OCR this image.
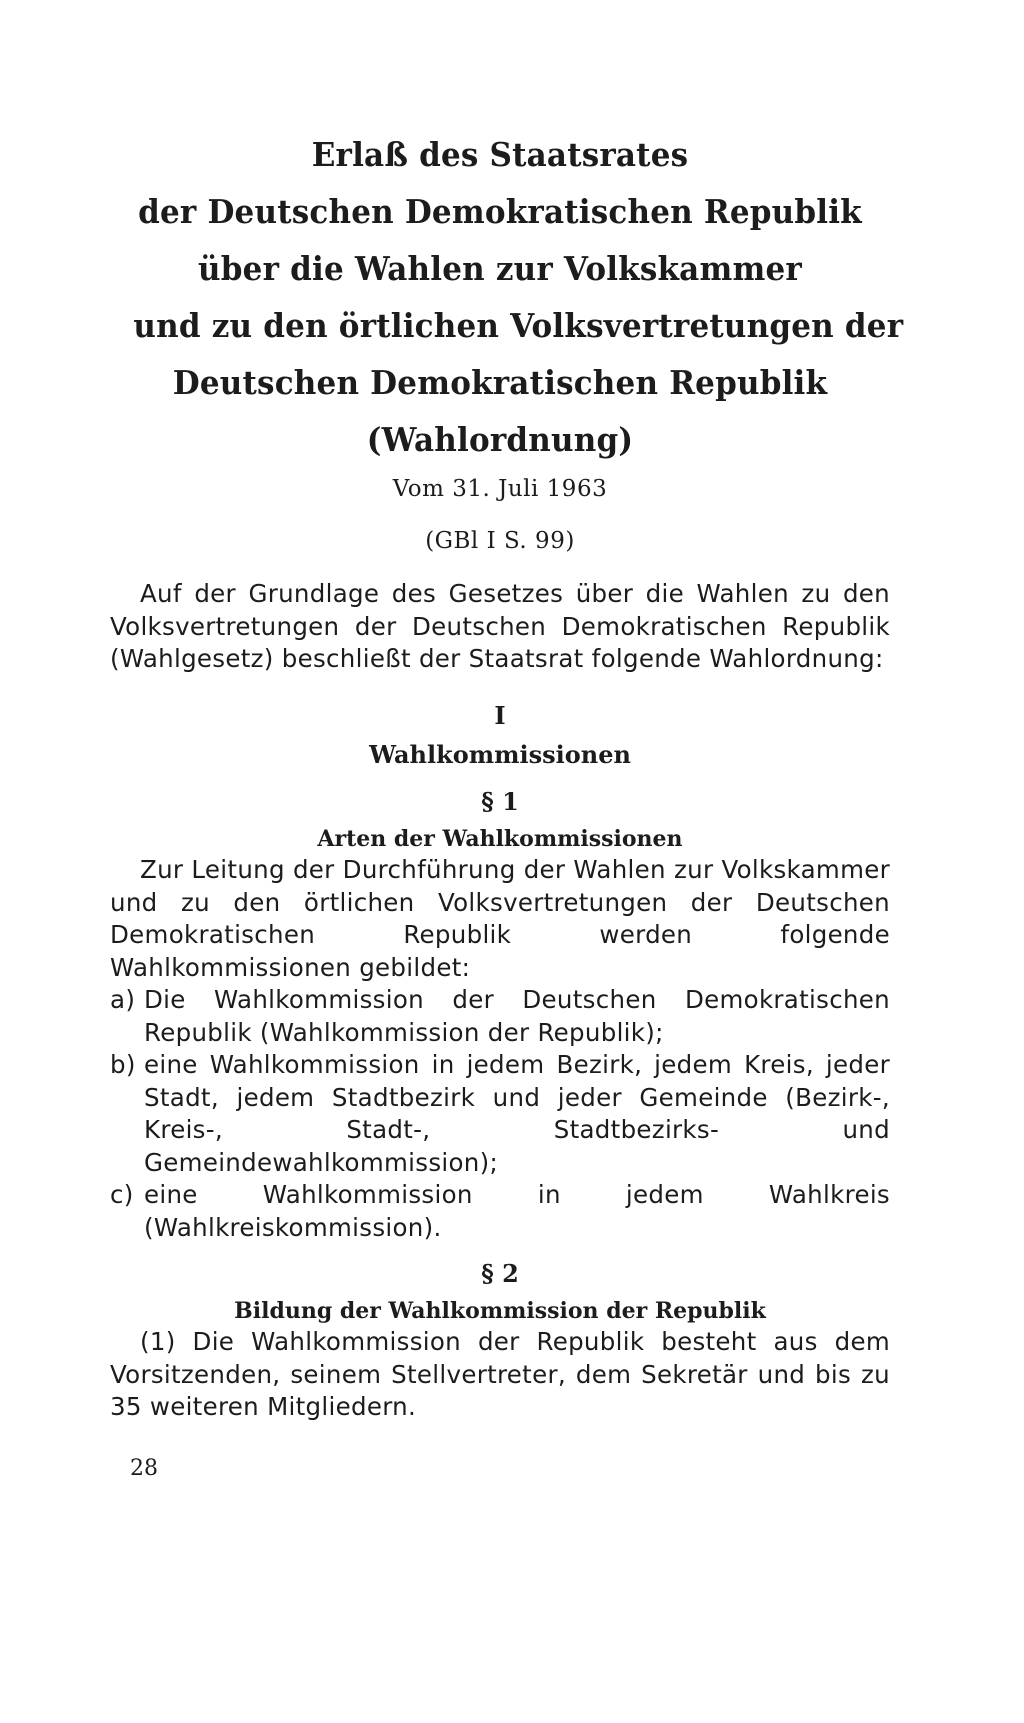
Erlaß des Staatsrates
der Deutschen Demokratischen Republik
über die Wahlen zur Volkskammer
und zu den örtlichen Volksvertretungen der
Deutschen Demokratischen Republik
(Wahlordnung)
Vom 31. Juli 1963
(GBl I S. 99)

Auf der Grundlage des Gesetzes über die Wahlen zu den Volksvertretungen der Deutschen Demokratischen Republik (Wahlgesetz) beschließt der Staatsrat folgende Wahlordnung:

I
Wahlkommissionen
§ 1
Arten der Wahlkommissionen
Zur Leitung der Durchführung der Wahlen zur Volkskammer und zu den örtlichen Volksvertretungen der Deutschen Demokratischen Republik werden folgende Wahlkommissionen gebildet:
a) Die Wahlkommission der Deutschen Demokratischen Republik (Wahlkommission der Republik);
b) eine Wahlkommission in jedem Bezirk, jedem Kreis, jeder Stadt, jedem Stadtbezirk und jeder Gemeinde (Bezirk-, Kreis-, Stadt-, Stadtbezirks- und Gemeindewahlkommission);
c) eine Wahlkommission in jedem Wahlkreis (Wahlkreiskommission).
§ 2
Bildung der Wahlkommission der Republik
(1) Die Wahlkommission der Republik besteht aus dem Vorsitzenden, seinem Stellvertreter, dem Sekretär und bis zu 35 weiteren Mitgliedern.
28
